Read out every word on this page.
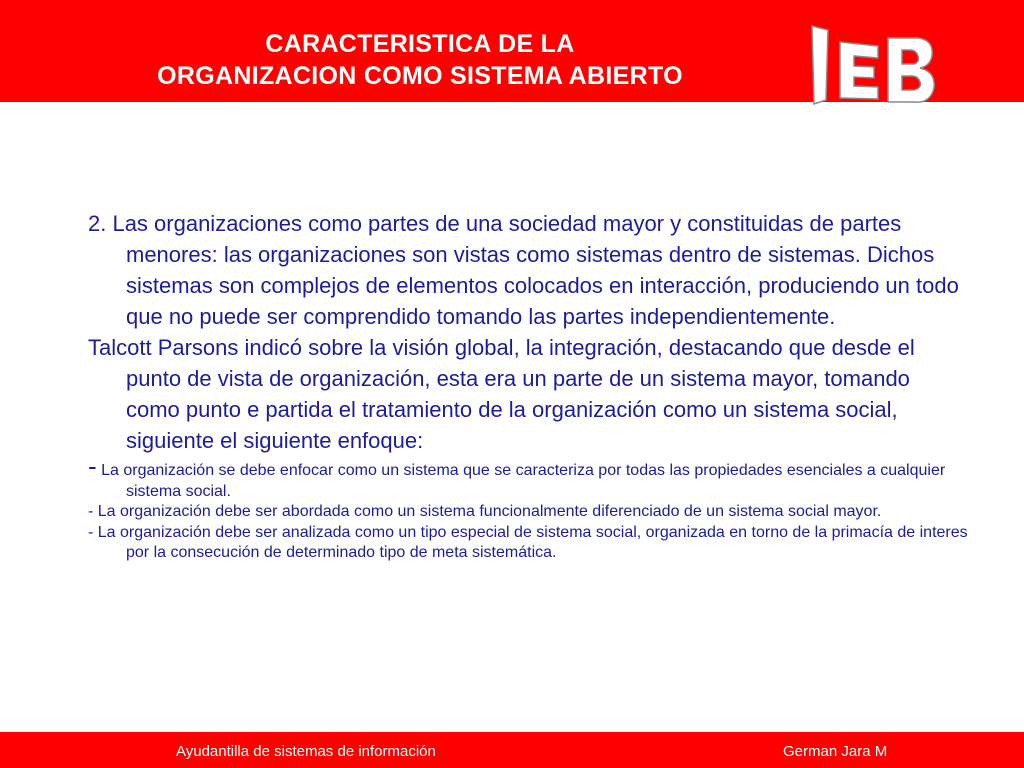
CARACTERISTICA DE LA
ORGANIZACION COMO SISTEMA ABIERTO

2. Las organizaciones como partes de una sociedad mayor y constituidas de partes menores: las organizaciones son vistas como sistemas dentro de sistemas. Dichos sistemas son complejos de elementos colocados en interacción, produciendo un todo que no puede ser comprendido tomando las partes independientemente.

Talcott Parsons indicó sobre la visión global, la integración, destacando que desde el punto de vista de organización, esta era un parte de un sistema mayor, tomando como punto e partida el tratamiento de la organización como un sistema social, siguiente el siguiente enfoque:

- La organización se debe enfocar como un sistema que se caracteriza por todas las propiedades esenciales a cualquier sistema social.

- La organización debe ser abordada como un sistema funcionalmente diferenciado de un sistema social mayor.

- La organización debe ser analizada como un tipo especial de sistema social, organizada en torno de la primacía de interes por la consecución de determinado tipo de meta sistemática.

Ayudantilla de sistemas de información	German Jara M
